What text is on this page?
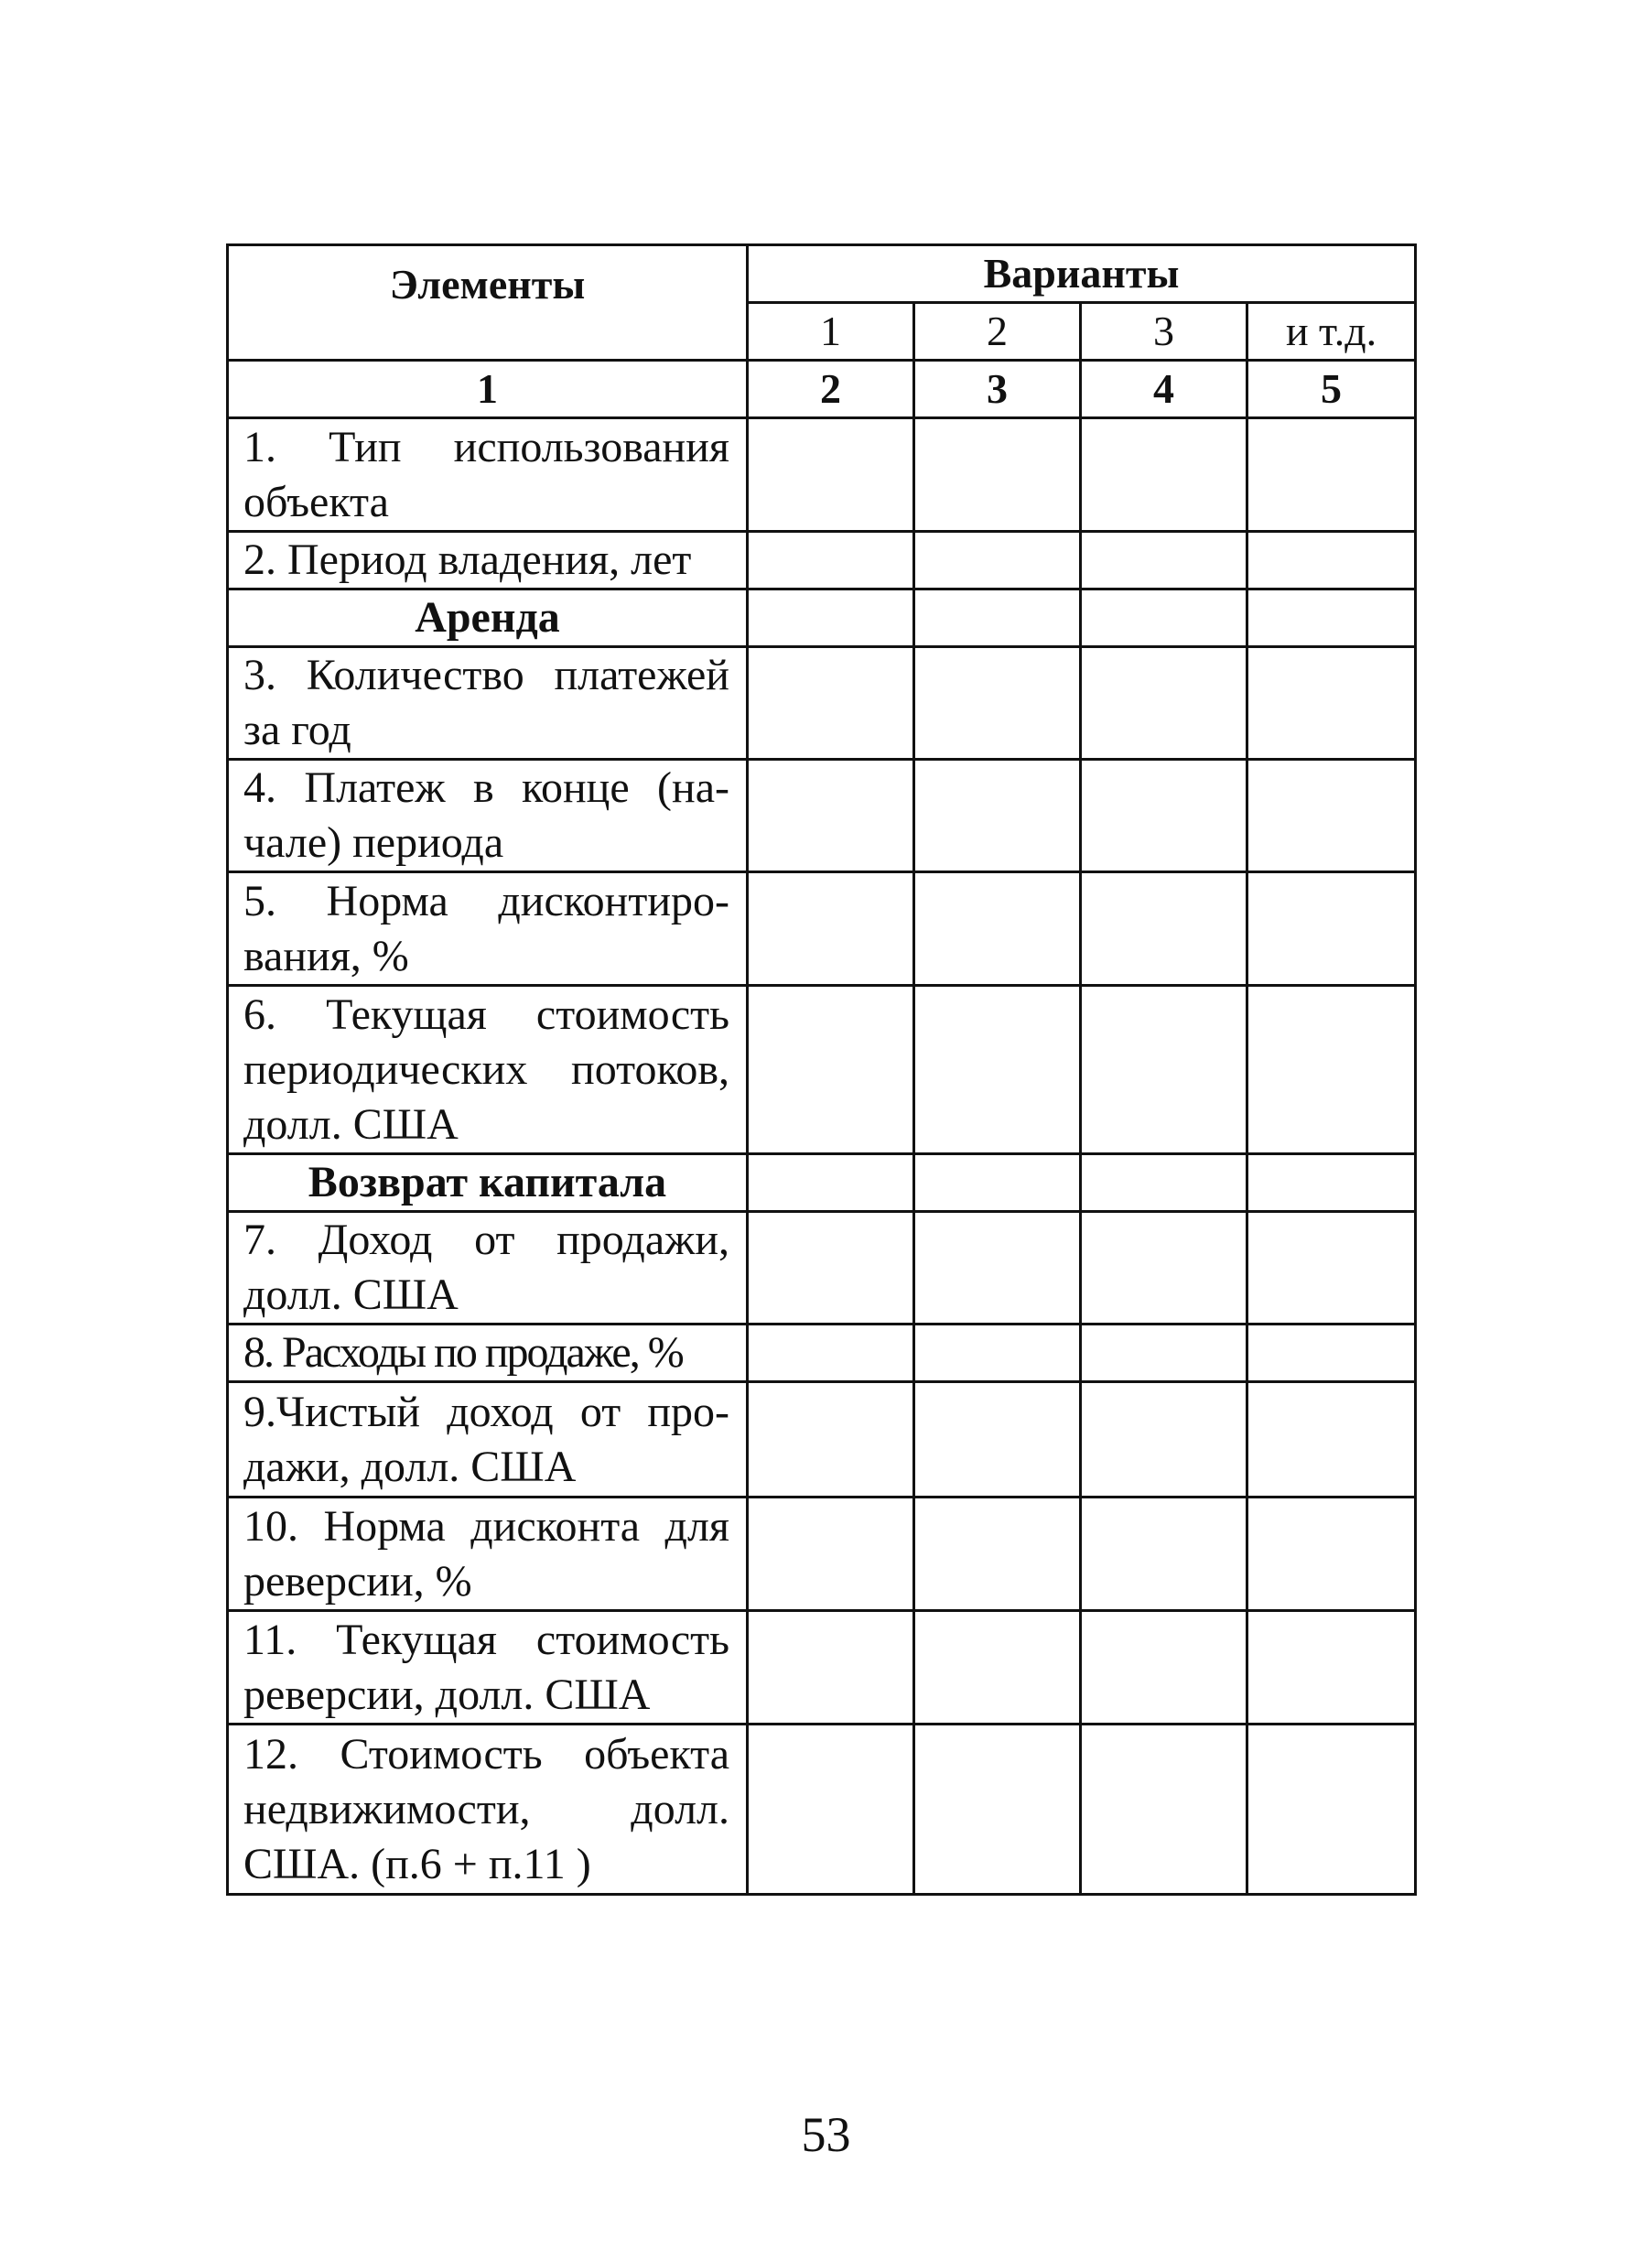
Элементы	Варианты			
	1	2	3	и т.д.
1	2	3	4	5
1. Тип использования объекта				
2. Период владения, лет				
Аренда				
3. Количество платежей за год				
4. Платеж в конце (начале) периода				
5. Норма дисконтирования, %				
6. Текущая стоимость периодических потоков, долл. США				
Возврат капитала				
7. Доход от продажи, долл. США				
8. Расходы по продаже, %				
9.Чистый доход от продажи, долл. США				
10. Норма дисконта для реверсии, %				
11. Текущая стоимость реверсии, долл. США				
12. Стоимость объекта недвижимости, долл. США. (п.6 + п.11 )				
53
